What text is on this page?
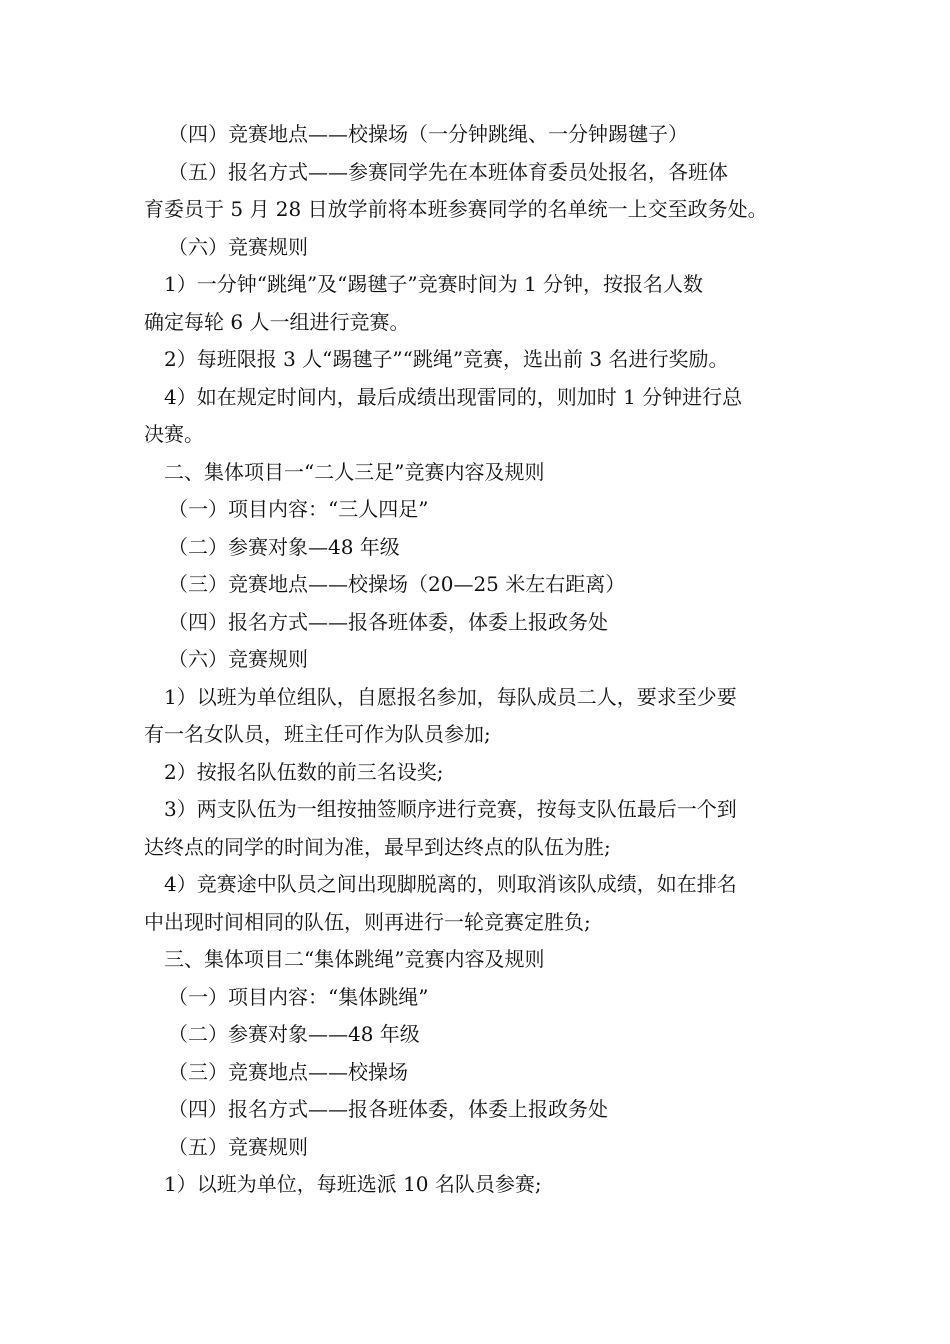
（四）竞赛地点——校操场（一分钟跳绳、一分钟踢毽子）
（五）报名方式——参赛同学先在本班体育委员处报名，各班体
育委员于 5 月 28 日放学前将本班参赛同学的名单统一上交至政务处。
（六）竞赛规则
1）一分钟“跳绳”及“踢毽子”竞赛时间为 1 分钟，按报名人数
确定每轮 6 人一组进行竞赛。
2）每班限报 3 人“踢毽子”“跳绳”竞赛，选出前 3 名进行奖励。
4）如在规定时间内，最后成绩出现雷同的，则加时 1 分钟进行总
决赛。
二、集体项目一“二人三足”竞赛内容及规则
（一）项目内容：“三人四足”
（二）参赛对象—48 年级
（三）竞赛地点——校操场（20—25 米左右距离）
（四）报名方式——报各班体委，体委上报政务处
（六）竞赛规则
1）以班为单位组队，自愿报名参加，每队成员二人，要求至少要
有一名女队员，班主任可作为队员参加;
2）按报名队伍数的前三名设奖;
3）两支队伍为一组按抽签顺序进行竞赛，按每支队伍最后一个到
达终点的同学的时间为准，最早到达终点的队伍为胜;
4）竞赛途中队员之间出现脚脱离的，则取消该队成绩，如在排名
中出现时间相同的队伍，则再进行一轮竞赛定胜负;
三、集体项目二“集体跳绳”竞赛内容及规则
（一）项目内容：“集体跳绳”
（二）参赛对象——48 年级
（三）竞赛地点——校操场
（四）报名方式——报各班体委，体委上报政务处
（五）竞赛规则
1）以班为单位，每班选派 10 名队员参赛;
